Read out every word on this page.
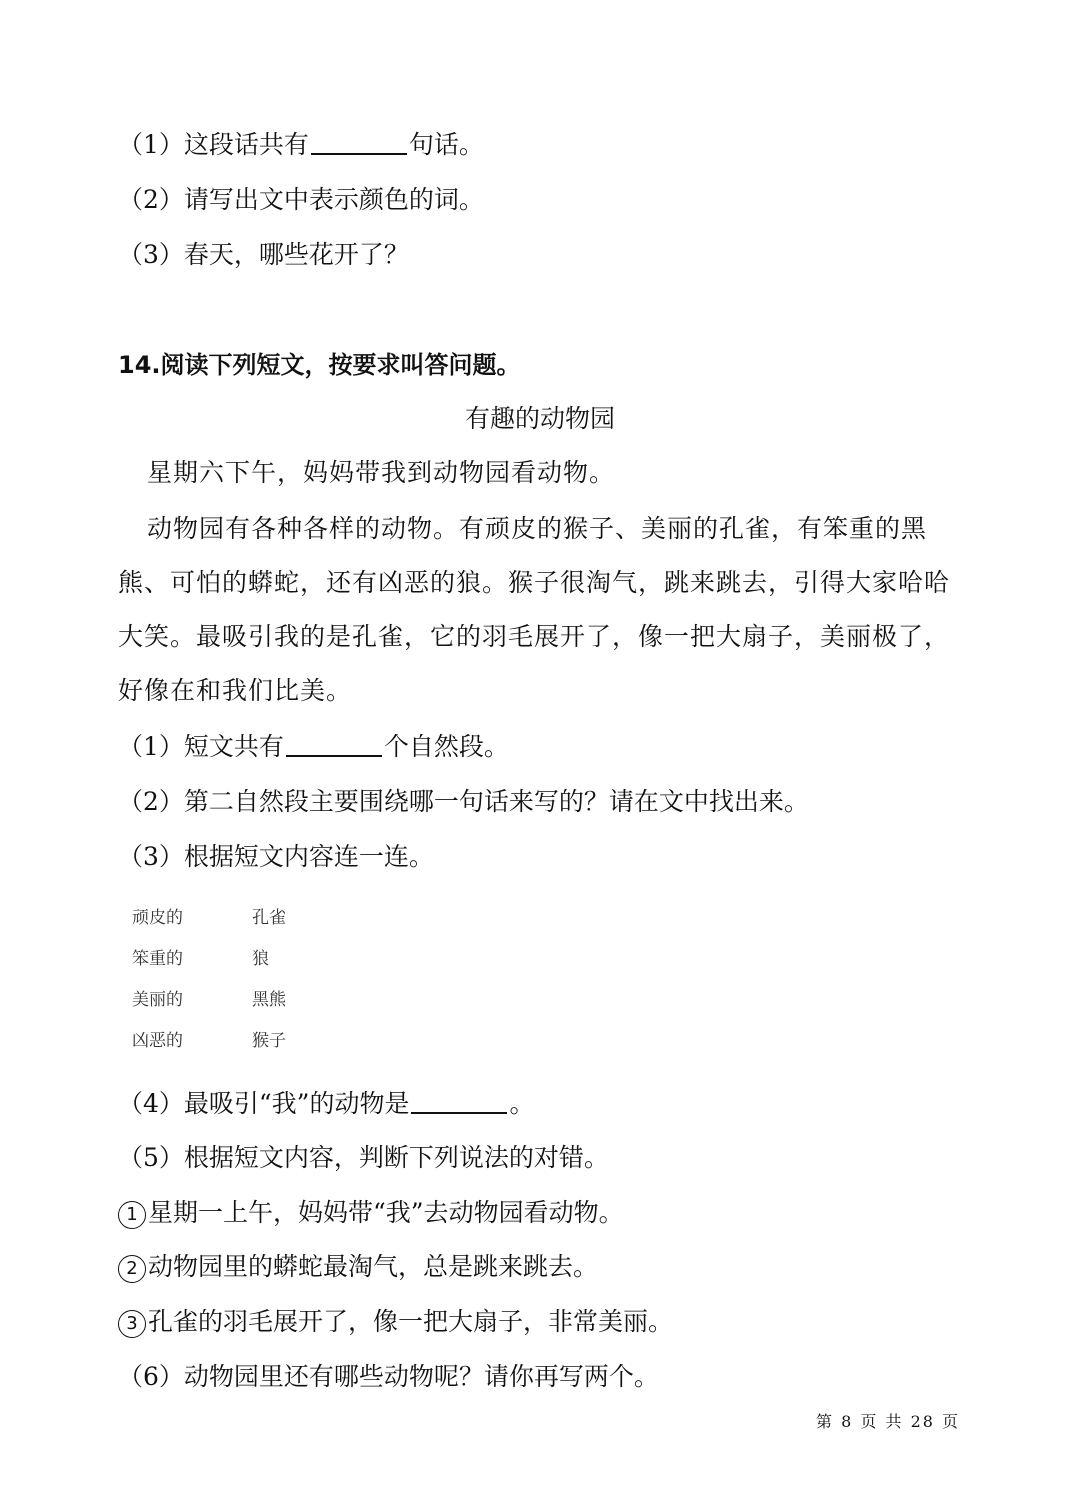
（1）这段话共有	句话。
（2）请写出文中表示颜色的词。
（3）春天，哪些花开了？
14.阅读下列短文，按要求叫答问题。
有趣的动物园
星期六下午，妈妈带我到动物园看动物。
动物园有各种各样的动物。有顽皮的猴子、美丽的孔雀，有笨重的黑熊、可怕的蟒蛇，还有凶恶的狼。猴子很淘气，跳来跳去，引得大家哈哈大笑。最吸引我的是孔雀，它的羽毛展开了，像一把大扇子，美丽极了，好像在和我们比美。
（1）短文共有	个自然段。
（2）第二自然段主要围绕哪一句话来写的？请在文中找出来。
（3）根据短文内容连一连。
顽皮的	孔雀
笨重的	狼
美丽的	黑熊
凶恶的	猴子
（4）最吸引“我”的动物是	。
（5）根据短文内容，判断下列说法的对错。
1 星期一上午，妈妈带“我”去动物园看动物。
2 动物园里的蟒蛇最淘气，总是跳来跳去。
3 孔雀的羽毛展开了，像一把大扇子，非常美丽。
（6）动物园里还有哪些动物呢？请你再写两个。
第 8 页 共 28 页
